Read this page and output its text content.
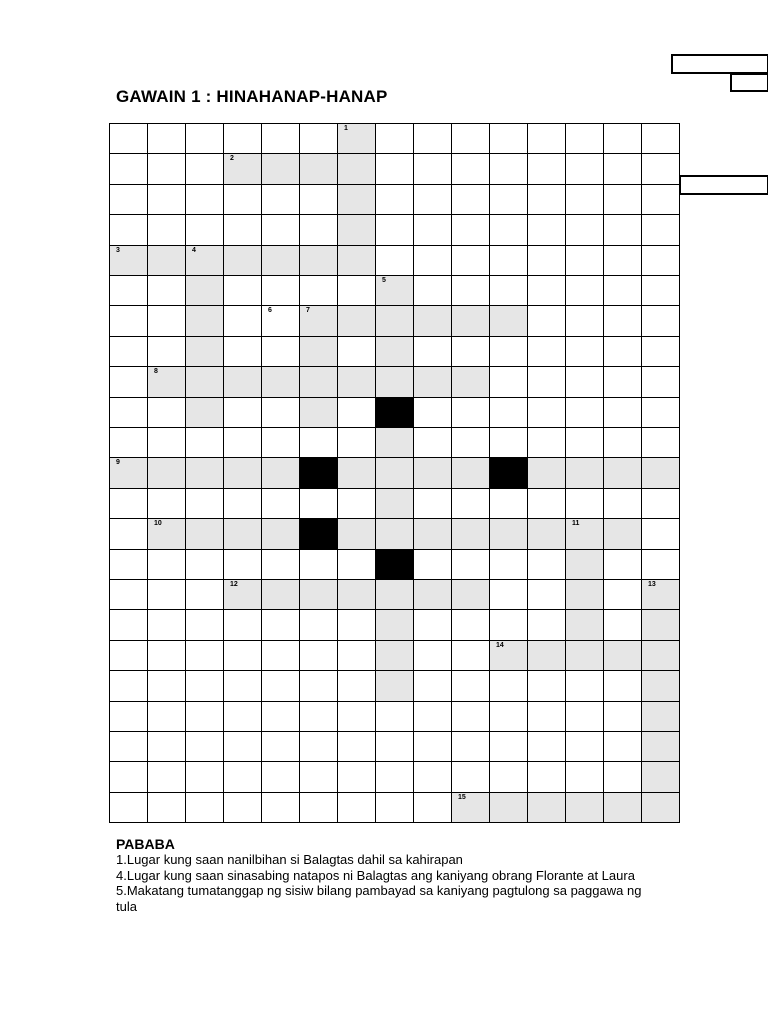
GAWAIN 1 : HINAHANAP-HANAP
1
2
3	4
5
6	7
8
9
10	11
12	13
14
15
PABABA
1.Lugar kung saan nanilbihan si Balagtas dahil sa kahirapan
4.Lugar kung saan sinasabing natapos ni Balagtas ang kaniyang obrang Florante at Laura
5.Makatang tumatanggap ng sisiw bilang pambayad sa kaniyang pagtulong sa paggawa ng tula
